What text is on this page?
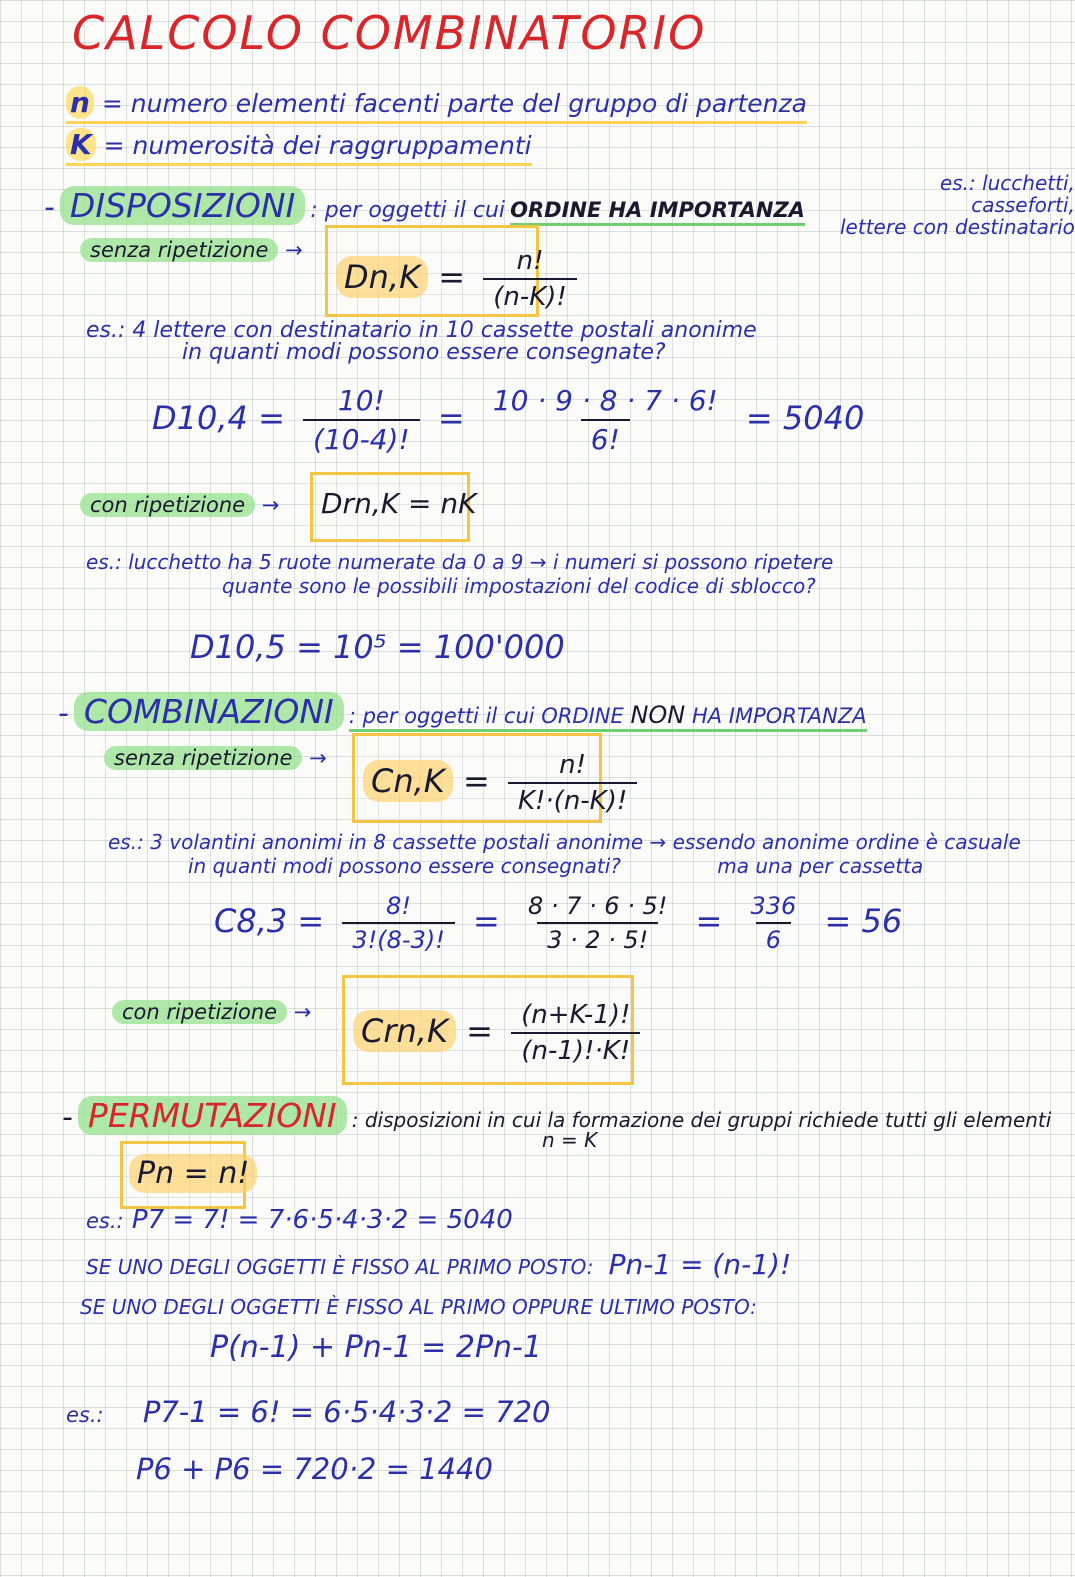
CALCOLO COMBINATORIO
n = numero elementi facenti parte del gruppo di partenza
K = numerosità dei raggruppamenti
- DISPOSIZIONI : per oggetti il cui ORDINE HA IMPORTANZA
es.: lucchetti,
casseforti,
lettere con destinatario
senza ripetizione →
$Dn,K = \frac{n!}{(n-K)!}$
es.: 4 lettere con destinatario in 10 cassette postali anonime
in quanti modi possono essere consegnate?
$D10,4 = \frac{10!}{(10-4)!} = \frac{10 \cdot 9 \cdot 8 \cdot 7 \cdot 6!}{6!} = 5040$
con ripetizione → Drn,K = nK
es.: lucchetto ha 5 ruote numerate da 0 a 9 → i numeri si possono ripetere
quante sono le possibili impostazioni del codice di sblocco?
D10,5 = 10⁵ = 100'000
- COMBINAZIONI : per oggetti il cui ORDINE NON HA IMPORTANZA
senza ripetizione →
$Cn,K = \frac{n!}{K!\cdot(n-K)!}$
es.: 3 volantini anonimi in 8 cassette postali anonime → essendo anonime ordine è casuale
in quanti modi possono essere consegnati?	ma una per cassetta
$C8,3 = \frac{8!}{3!(8-3)!} = \frac{8 \cdot 7 \cdot 6 \cdot 5!}{3 \cdot 2 \cdot 5!} = \frac{336}{6} = 56$
con ripetizione → $Crn,K = \frac{(n+K-1)!}{(n-1)!\cdot K!}$
- PERMUTAZIONI : disposizioni in cui la formazione dei gruppi richiede tutti gli elementi
n = K
Pn = n!
es.: P7 = 7! = 7·6·5·4·3·2 = 5040
SE UNO DEGLI OGGETTI È FISSO AL PRIMO POSTO: Pn-1 = (n-1)!
SE UNO DEGLI OGGETTI È FISSO AL PRIMO OPPURE ULTIMO POSTO:
P(n-1) + Pn-1 = 2Pn-1
es.: P7-1 = 6! = 6·5·4·3·2 = 720
P6 + P6 = 720·2 = 1440
